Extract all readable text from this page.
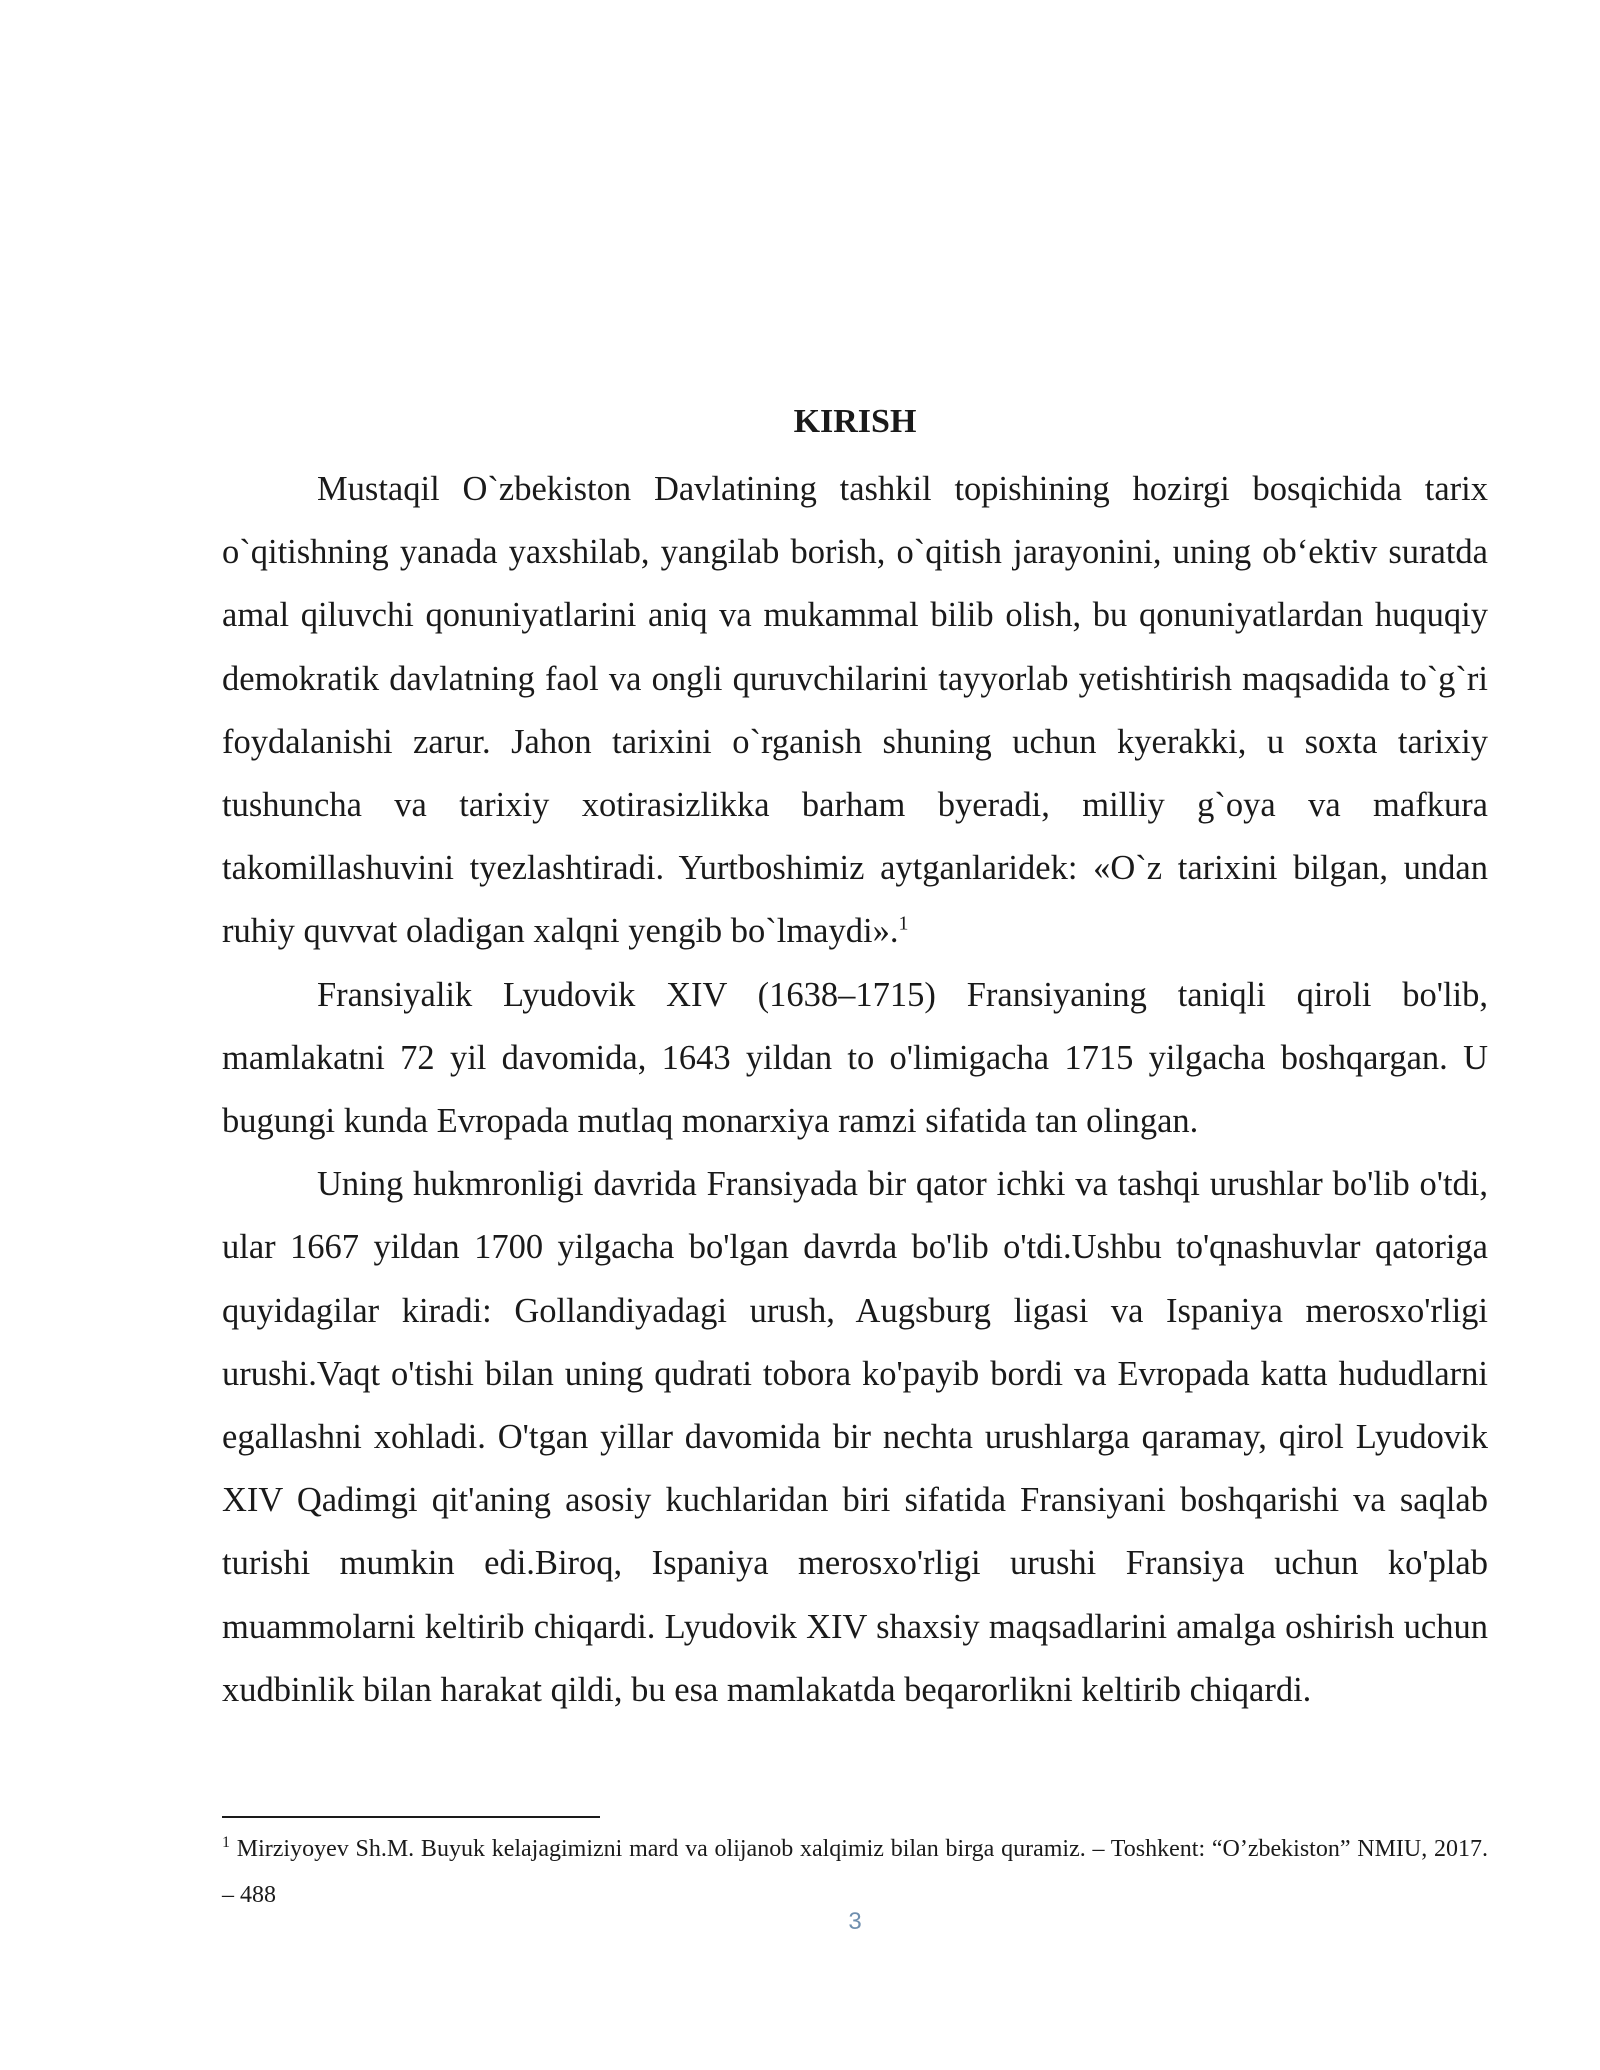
KIRISH

Mustaqil O`zbekiston Davlatining tashkil topishining hozirgi bosqichida tarix o`qitishning yanada yaxshilab, yangilab borish, o`qitish jarayonini, uning ob‘ektiv suratda amal qiluvchi qonuniyatlarini aniq va mukammal bilib olish, bu qonuniyatlardan huquqiy demokratik davlatning faol va ongli quruvchilarini tayyorlab yetishtirish maqsadida to`g`ri foydalanishi zarur. Jahon tarixini o`rganish shuning uchun kyerakki, u soxta tarixiy tushuncha va tarixiy xotirasizlikka barham byeradi, milliy g`oya va mafkura takomillashuvini tyezlashtiradi. Yurtboshimiz aytganlaridek: «O`z tarixini bilgan, undan ruhiy quvvat oladigan xalqni yengib bo`lmaydi».$^1$

Fransiyalik Lyudovik XIV (1638–1715) Fransiyaning taniqli qiroli bo'lib, mamlakatni 72 yil davomida, 1643 yildan to o'limigacha 1715 yilgacha boshqargan. U bugungi kunda Evropada mutlaq monarxiya ramzi sifatida tan olingan.

Uning hukmronligi davrida Fransiyada bir qator ichki va tashqi urushlar bo'lib o'tdi, ular 1667 yildan 1700 yilgacha bo'lgan davrda bo'lib o'tdi.Ushbu to'qnashuvlar qatoriga quyidagilar kiradi: Gollandiyadagi urush, Augsburg ligasi va Ispaniya merosxo'rligi urushi.Vaqt o'tishi bilan uning qudrati tobora ko'payib bordi va Evropada katta hududlarni egallashni xohladi. O'tgan yillar davomida bir nechta urushlarga qaramay, qirol Lyudovik XIV Qadimgi qit'aning asosiy kuchlaridan biri sifatida Fransiyani boshqarishi va saqlab turishi mumkin edi.Biroq, Ispaniya merosxo'rligi urushi Fransiya uchun ko'plab muammolarni keltirib chiqardi. Lyudovik XIV shaxsiy maqsadlarini amalga oshirish uchun xudbinlik bilan harakat qildi, bu esa mamlakatda beqarorlikni keltirib chiqardi.

$^1$ Mirziyoyev Sh.M. Buyuk kelajagimizni mard va olijanob xalqimiz bilan birga quramiz. – Toshkent: “O’zbekiston” NMIU, 2017. – 488

3
